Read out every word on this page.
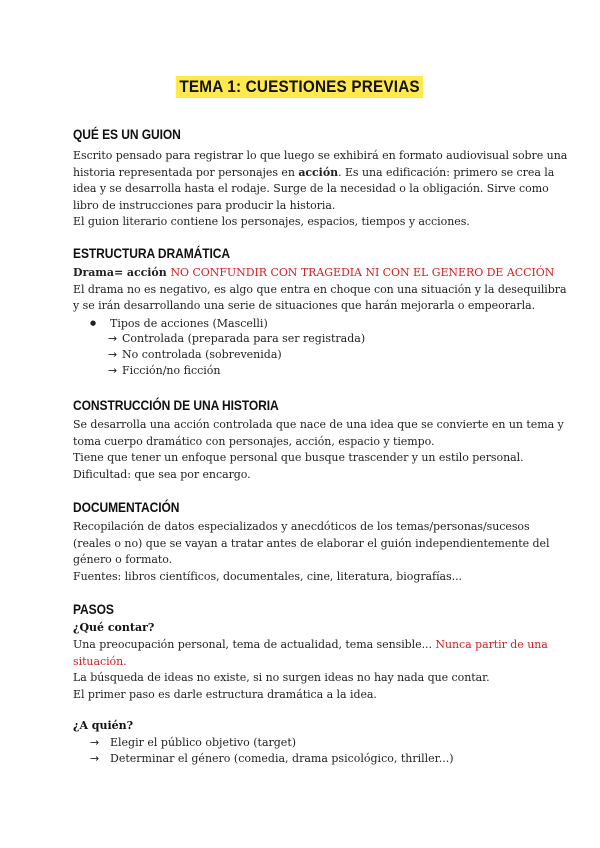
TEMA 1: CUESTIONES PREVIAS
QUÉ ES UN GUION
Escrito pensado para registrar lo que luego se exhibirá en formato audiovisual sobre una
historia representada por personajes en acción. Es una edificación: primero se crea la
idea y se desarrolla hasta el rodaje. Surge de la necesidad o la obligación. Sirve como
libro de instrucciones para producir la historia.
El guion literario contiene los personajes, espacios, tiempos y acciones.
ESTRUCTURA DRAMÁTICA
Drama= acción NO CONFUNDIR CON TRAGEDIA NI CON EL GENERO DE ACCIÓN
El drama no es negativo, es algo que entra en choque con una situación y la desequilibra
y se irán desarrollando una serie de situaciones que harán mejorarla o empeorarla.
● Tipos de acciones (Mascelli)
→ Controlada (preparada para ser registrada)
→ No controlada (sobrevenida)
→ Ficción/no ficción
CONSTRUCCIÓN DE UNA HISTORIA
Se desarrolla una acción controlada que nace de una idea que se convierte en un tema y
toma cuerpo dramático con personajes, acción, espacio y tiempo.
Tiene que tener un enfoque personal que busque trascender y un estilo personal.
Dificultad: que sea por encargo.
DOCUMENTACIÓN
Recopilación de datos especializados y anecdóticos de los temas/personas/sucesos
(reales o no) que se vayan a tratar antes de elaborar el guión independientemente del
género o formato.
Fuentes: libros científicos, documentales, cine, literatura, biografías...
PASOS
¿Qué contar?
Una preocupación personal, tema de actualidad, tema sensible... Nunca partir de una
situación.
La búsqueda de ideas no existe, si no surgen ideas no hay nada que contar.
El primer paso es darle estructura dramática a la idea.
¿A quién?
→ Elegir el público objetivo (target)
→ Determinar el género (comedia, drama psicológico, thriller...)
